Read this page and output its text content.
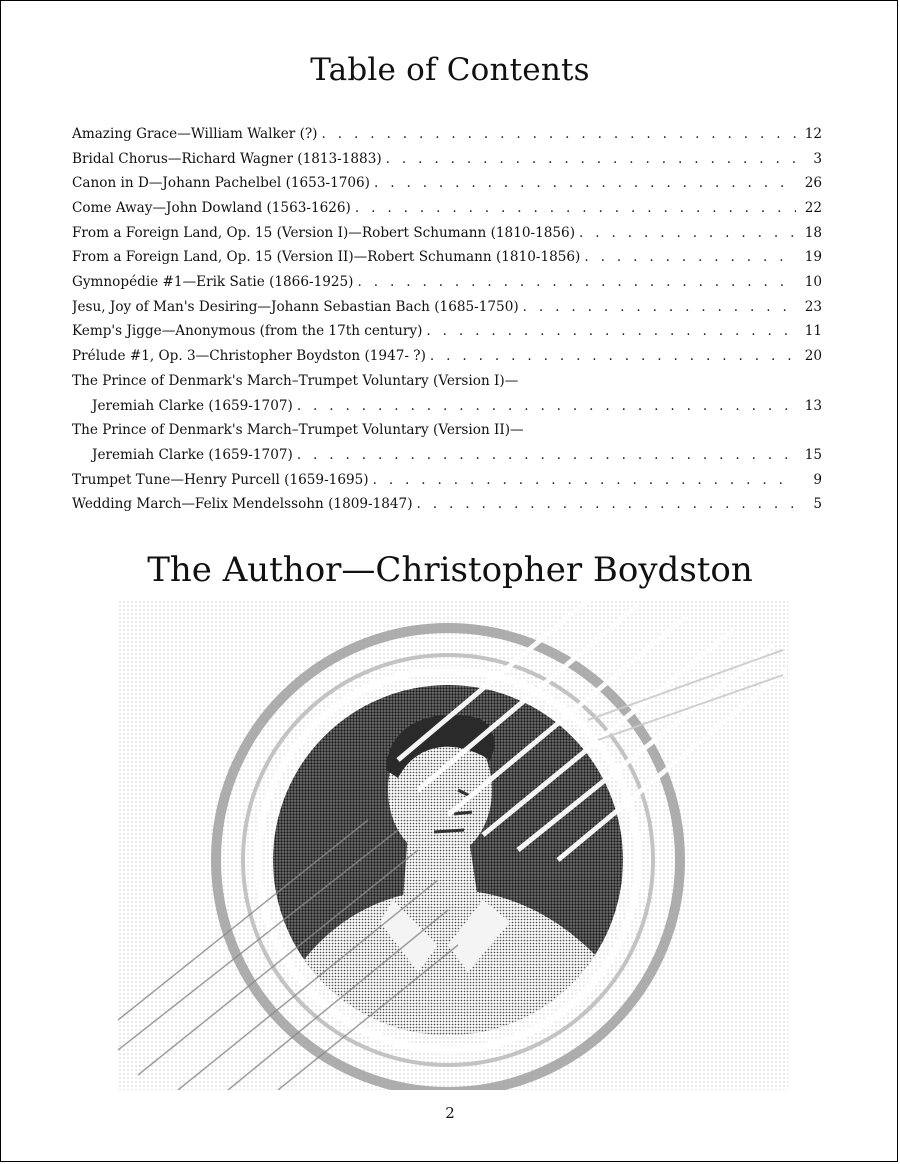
Table of Contents
Amazing Grace—William Walker (?) . . .	12
Bridal Chorus—Richard Wagner (1813-1883) . . .	3
Canon in D—Johann Pachelbel (1653-1706) . . .	26
Come Away—John Dowland (1563-1626) . . .	22
From a Foreign Land, Op. 15 (Version I)—Robert Schumann (1810-1856) . . .	18
From a Foreign Land, Op. 15 (Version II)—Robert Schumann (1810-1856) . . .	19
Gymnopédie #1—Erik Satie (1866-1925) . . .	10
Jesu, Joy of Man's Desiring—Johann Sebastian Bach (1685-1750) . . .	23
Kemp's Jigge—Anonymous (from the 17th century) . . .	11
Prélude #1, Op. 3—Christopher Boydston (1947- ?) . . .	20
The Prince of Denmark's March–Trumpet Voluntary (Version I)—
Jeremiah Clarke (1659-1707) . . .	13
The Prince of Denmark's March–Trumpet Voluntary (Version II)—
Jeremiah Clarke (1659-1707) . . .	15
Trumpet Tune—Henry Purcell (1659-1695) . . .	9
Wedding March—Felix Mendelssohn (1809-1847) . . .	5
The Author—Christopher Boydston
2
